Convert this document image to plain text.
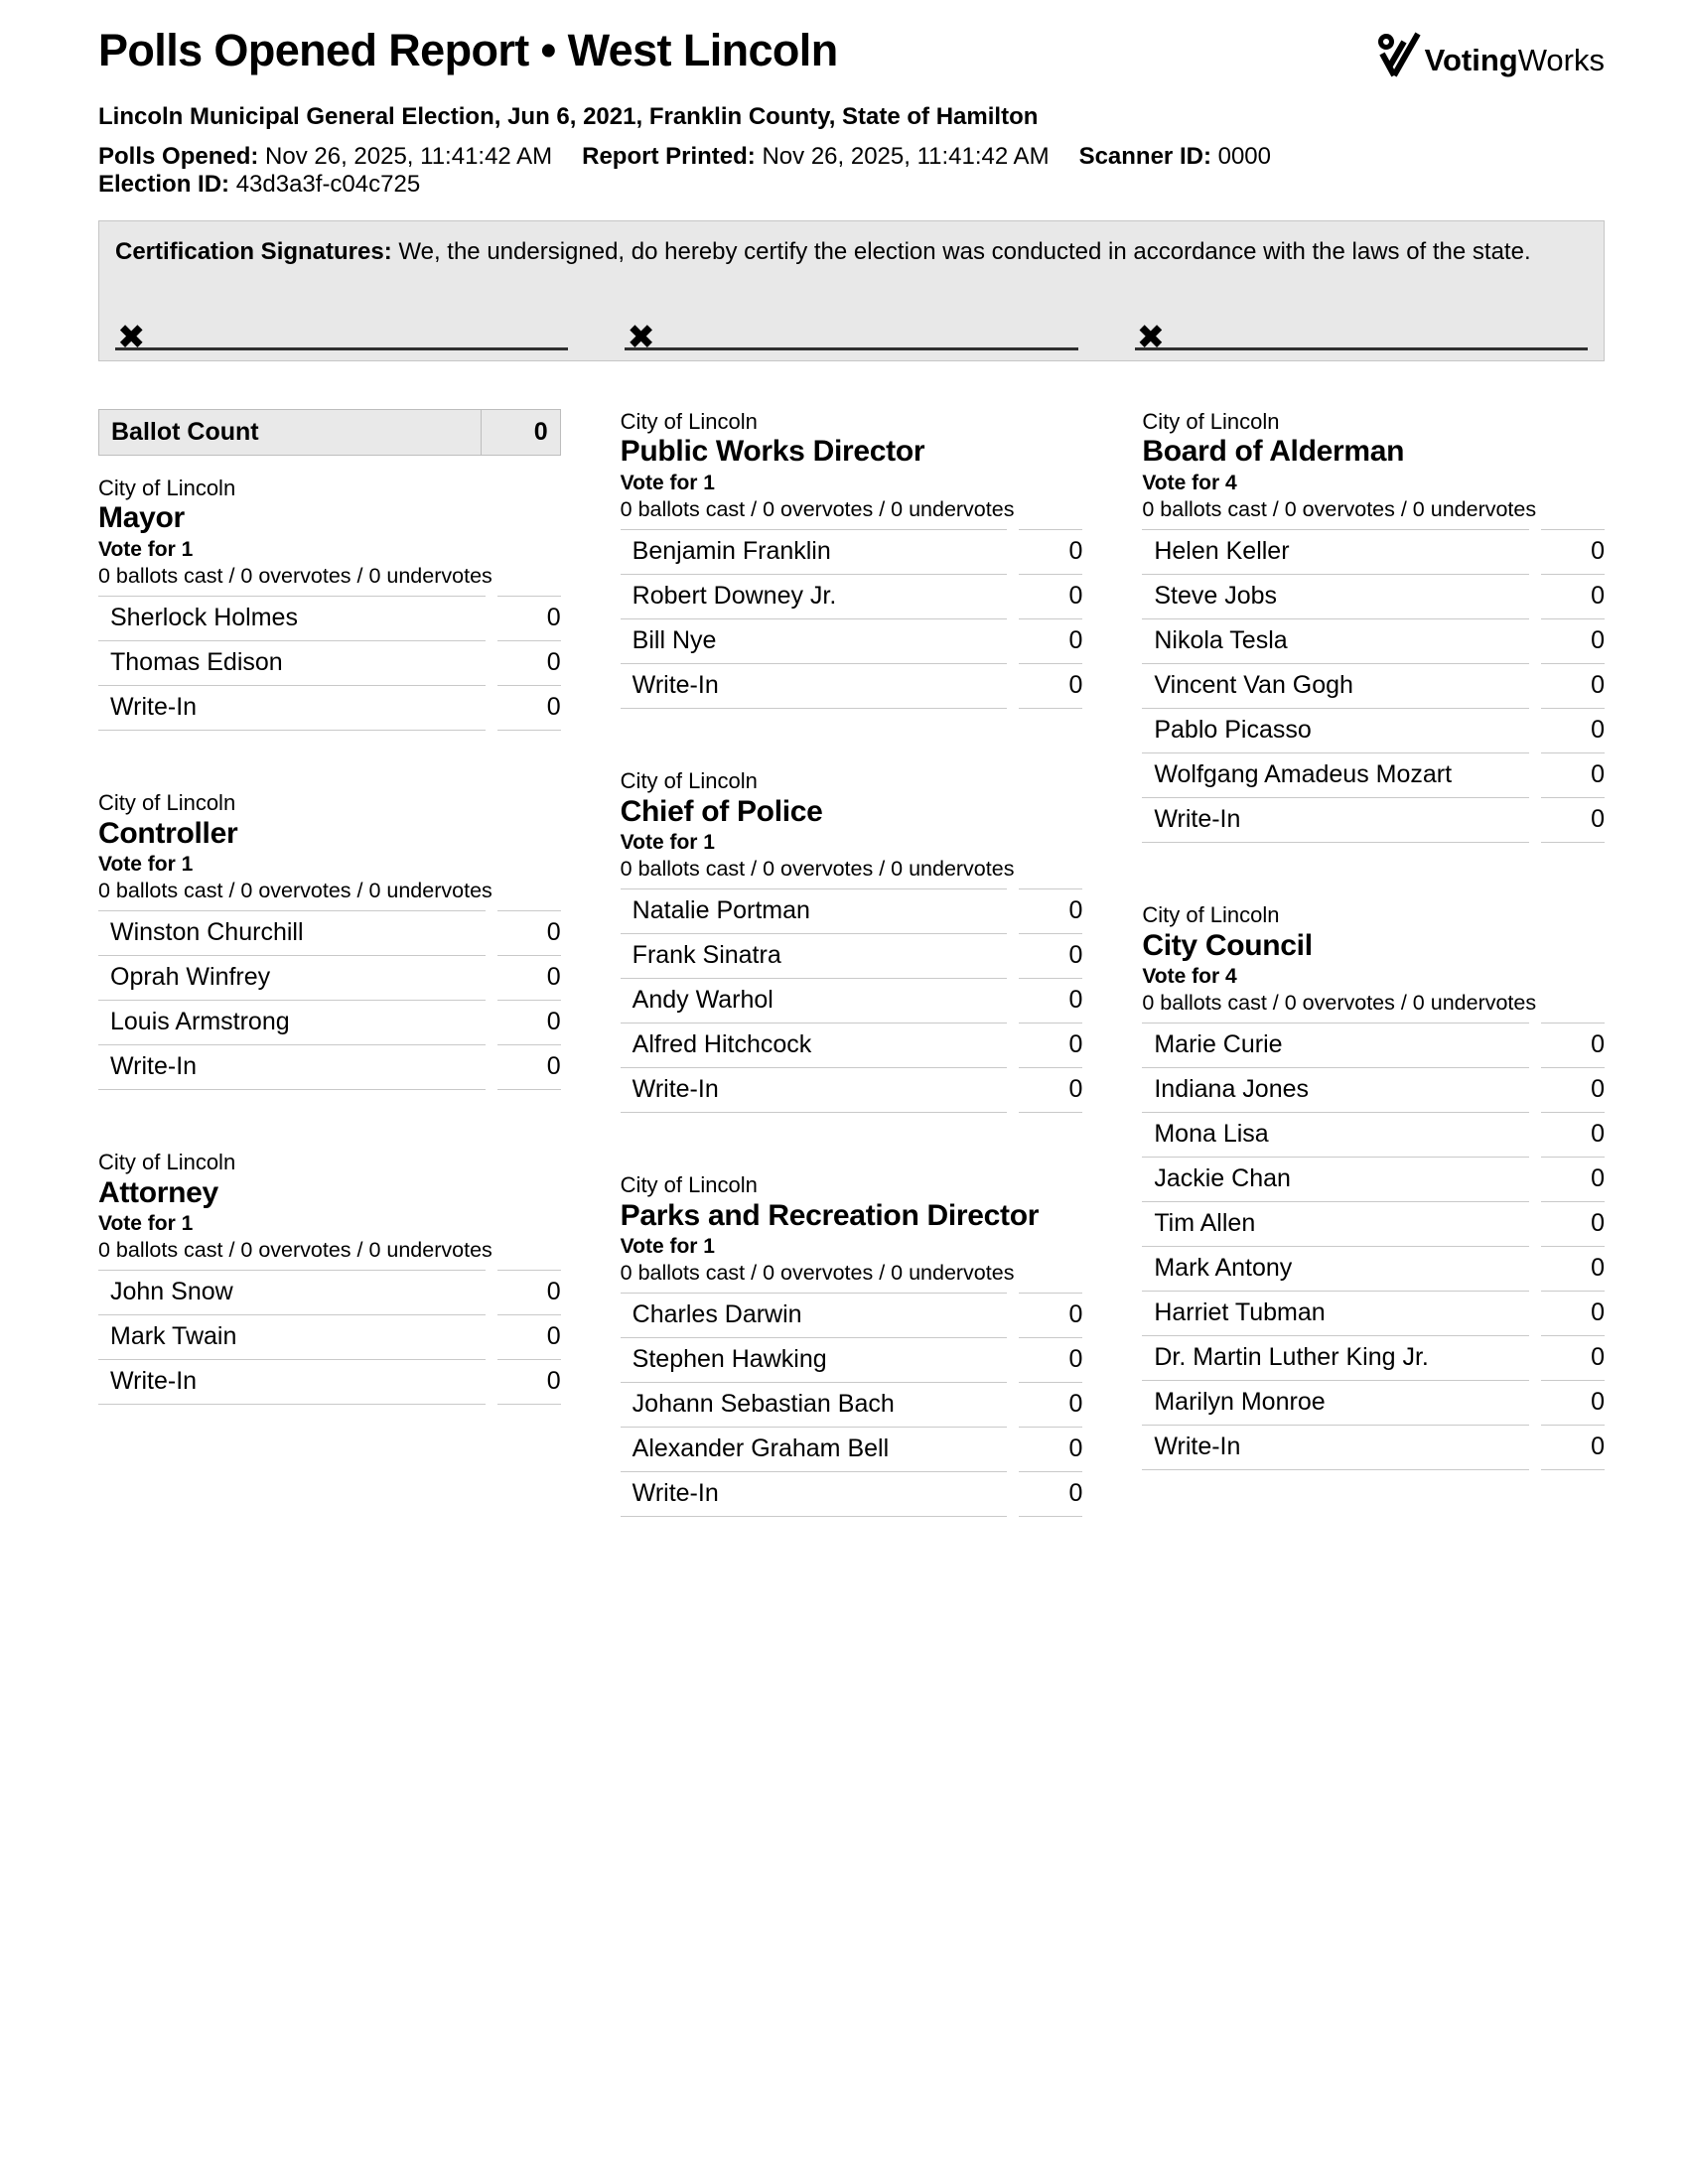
Polls Opened Report • West Lincoln	VotingWorks
Lincoln Municipal General Election, Jun 6, 2021, Franklin County, State of Hamilton
Polls Opened: Nov 26, 2025, 11:41:42 AM Report Printed: Nov 26, 2025, 11:41:42 AM Scanner ID: 0000
Election ID: 43d3a3f-c04c725
Certification Signatures: We, the undersigned, do hereby certify the election was conducted in accordance with the laws of the state.
✖	✖	✖
Ballot Count	0
City of Lincoln
Mayor
Vote for 1
0 ballots cast / 0 overvotes / 0 undervotes
Sherlock Holmes	0
Thomas Edison	0
Write-In	0
City of Lincoln
Controller
Vote for 1
0 ballots cast / 0 overvotes / 0 undervotes
Winston Churchill	0
Oprah Winfrey	0
Louis Armstrong	0
Write-In	0
City of Lincoln
Attorney
Vote for 1
0 ballots cast / 0 overvotes / 0 undervotes
John Snow	0
Mark Twain	0
Write-In	0
City of Lincoln
Public Works Director
Vote for 1
0 ballots cast / 0 overvotes / 0 undervotes
Benjamin Franklin	0
Robert Downey Jr.	0
Bill Nye	0
Write-In	0
City of Lincoln
Chief of Police
Vote for 1
0 ballots cast / 0 overvotes / 0 undervotes
Natalie Portman	0
Frank Sinatra	0
Andy Warhol	0
Alfred Hitchcock	0
Write-In	0
City of Lincoln
Parks and Recreation Director
Vote for 1
0 ballots cast / 0 overvotes / 0 undervotes
Charles Darwin	0
Stephen Hawking	0
Johann Sebastian Bach	0
Alexander Graham Bell	0
Write-In	0
City of Lincoln
Board of Alderman
Vote for 4
0 ballots cast / 0 overvotes / 0 undervotes
Helen Keller	0
Steve Jobs	0
Nikola Tesla	0
Vincent Van Gogh	0
Pablo Picasso	0
Wolfgang Amadeus Mozart	0
Write-In	0
City of Lincoln
City Council
Vote for 4
0 ballots cast / 0 overvotes / 0 undervotes
Marie Curie	0
Indiana Jones	0
Mona Lisa	0
Jackie Chan	0
Tim Allen	0
Mark Antony	0
Harriet Tubman	0
Dr. Martin Luther King Jr.	0
Marilyn Monroe	0
Write-In	0
